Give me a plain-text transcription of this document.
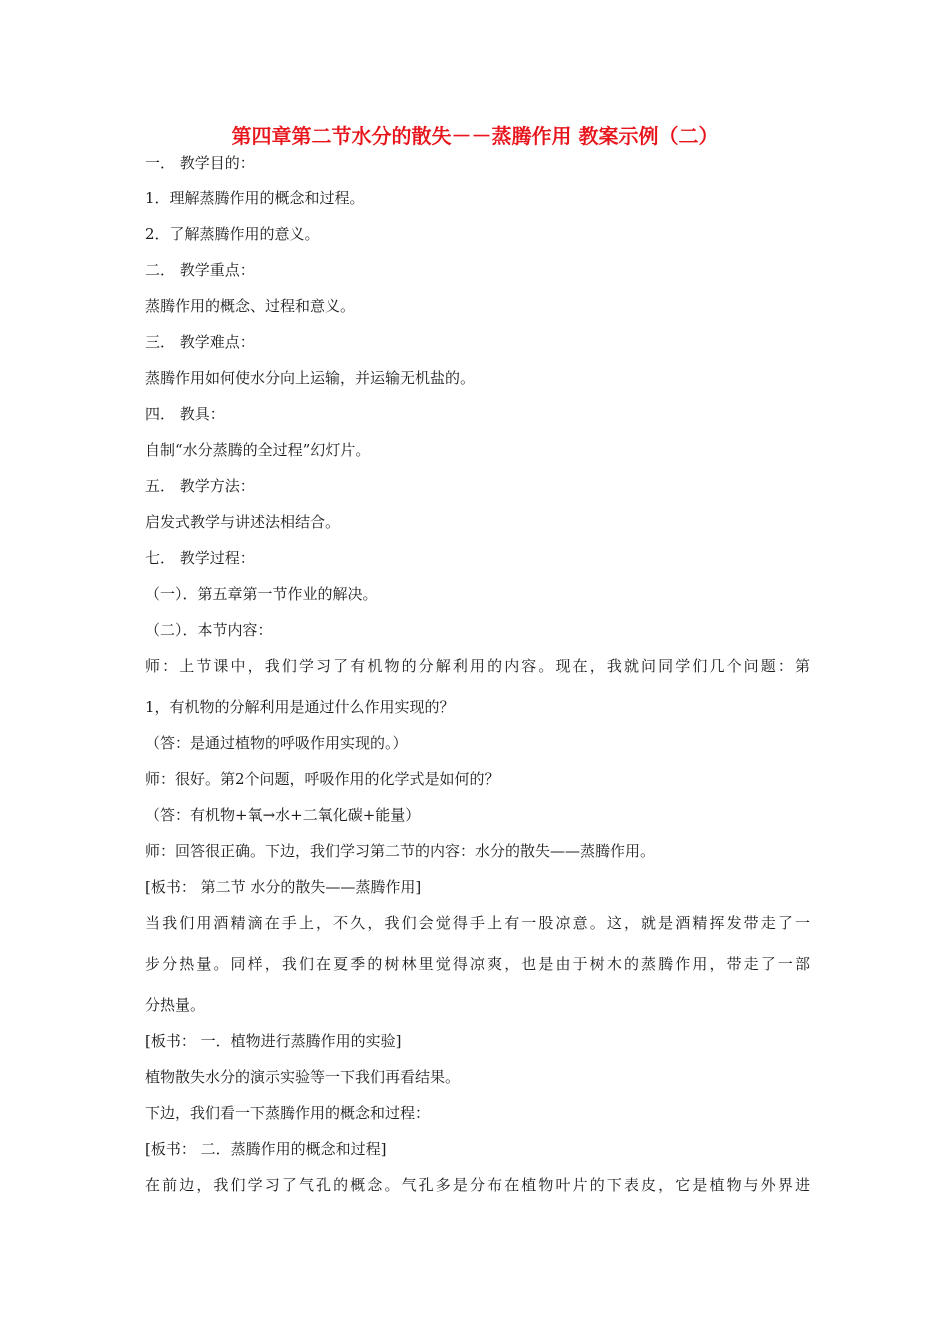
第四章第二节水分的散失－－蒸腾作用 教案示例（二）
一． 教学目的：
1．理解蒸腾作用的概念和过程。
2．了解蒸腾作用的意义。
二． 教学重点：
蒸腾作用的概念、过程和意义。
三． 教学难点：
蒸腾作用如何使水分向上运输，并运输无机盐的。
四． 教具：
自制“水分蒸腾的全过程”幻灯片。
五． 教学方法：
启发式教学与讲述法相结合。
七． 教学过程：
（一）．第五章第一节作业的解决。
（二）．本节内容：
师：上节课中，我们学习了有机物的分解利用的内容。现在，我就问同学们几个问题：第
1，有机物的分解利用是通过什么作用实现的？
（答：是通过植物的呼吸作用实现的。）
师：很好。第2个问题，呼吸作用的化学式是如何的？
（答：有机物+氧→水+二氧化碳+能量）
师：回答很正确。下边，我们学习第二节的内容：水分的散失——蒸腾作用。
[板书： 第二节 水分的散失——蒸腾作用]
当我们用酒精滴在手上，不久，我们会觉得手上有一股凉意。这，就是酒精挥发带走了一
步分热量。同样，我们在夏季的树林里觉得凉爽，也是由于树木的蒸腾作用，带走了一部
分热量。
[板书： 一．植物进行蒸腾作用的实验]
植物散失水分的演示实验等一下我们再看结果。
下边，我们看一下蒸腾作用的概念和过程：
[板书： 二．蒸腾作用的概念和过程]
在前边，我们学习了气孔的概念。气孔多是分布在植物叶片的下表皮，它是植物与外界进
